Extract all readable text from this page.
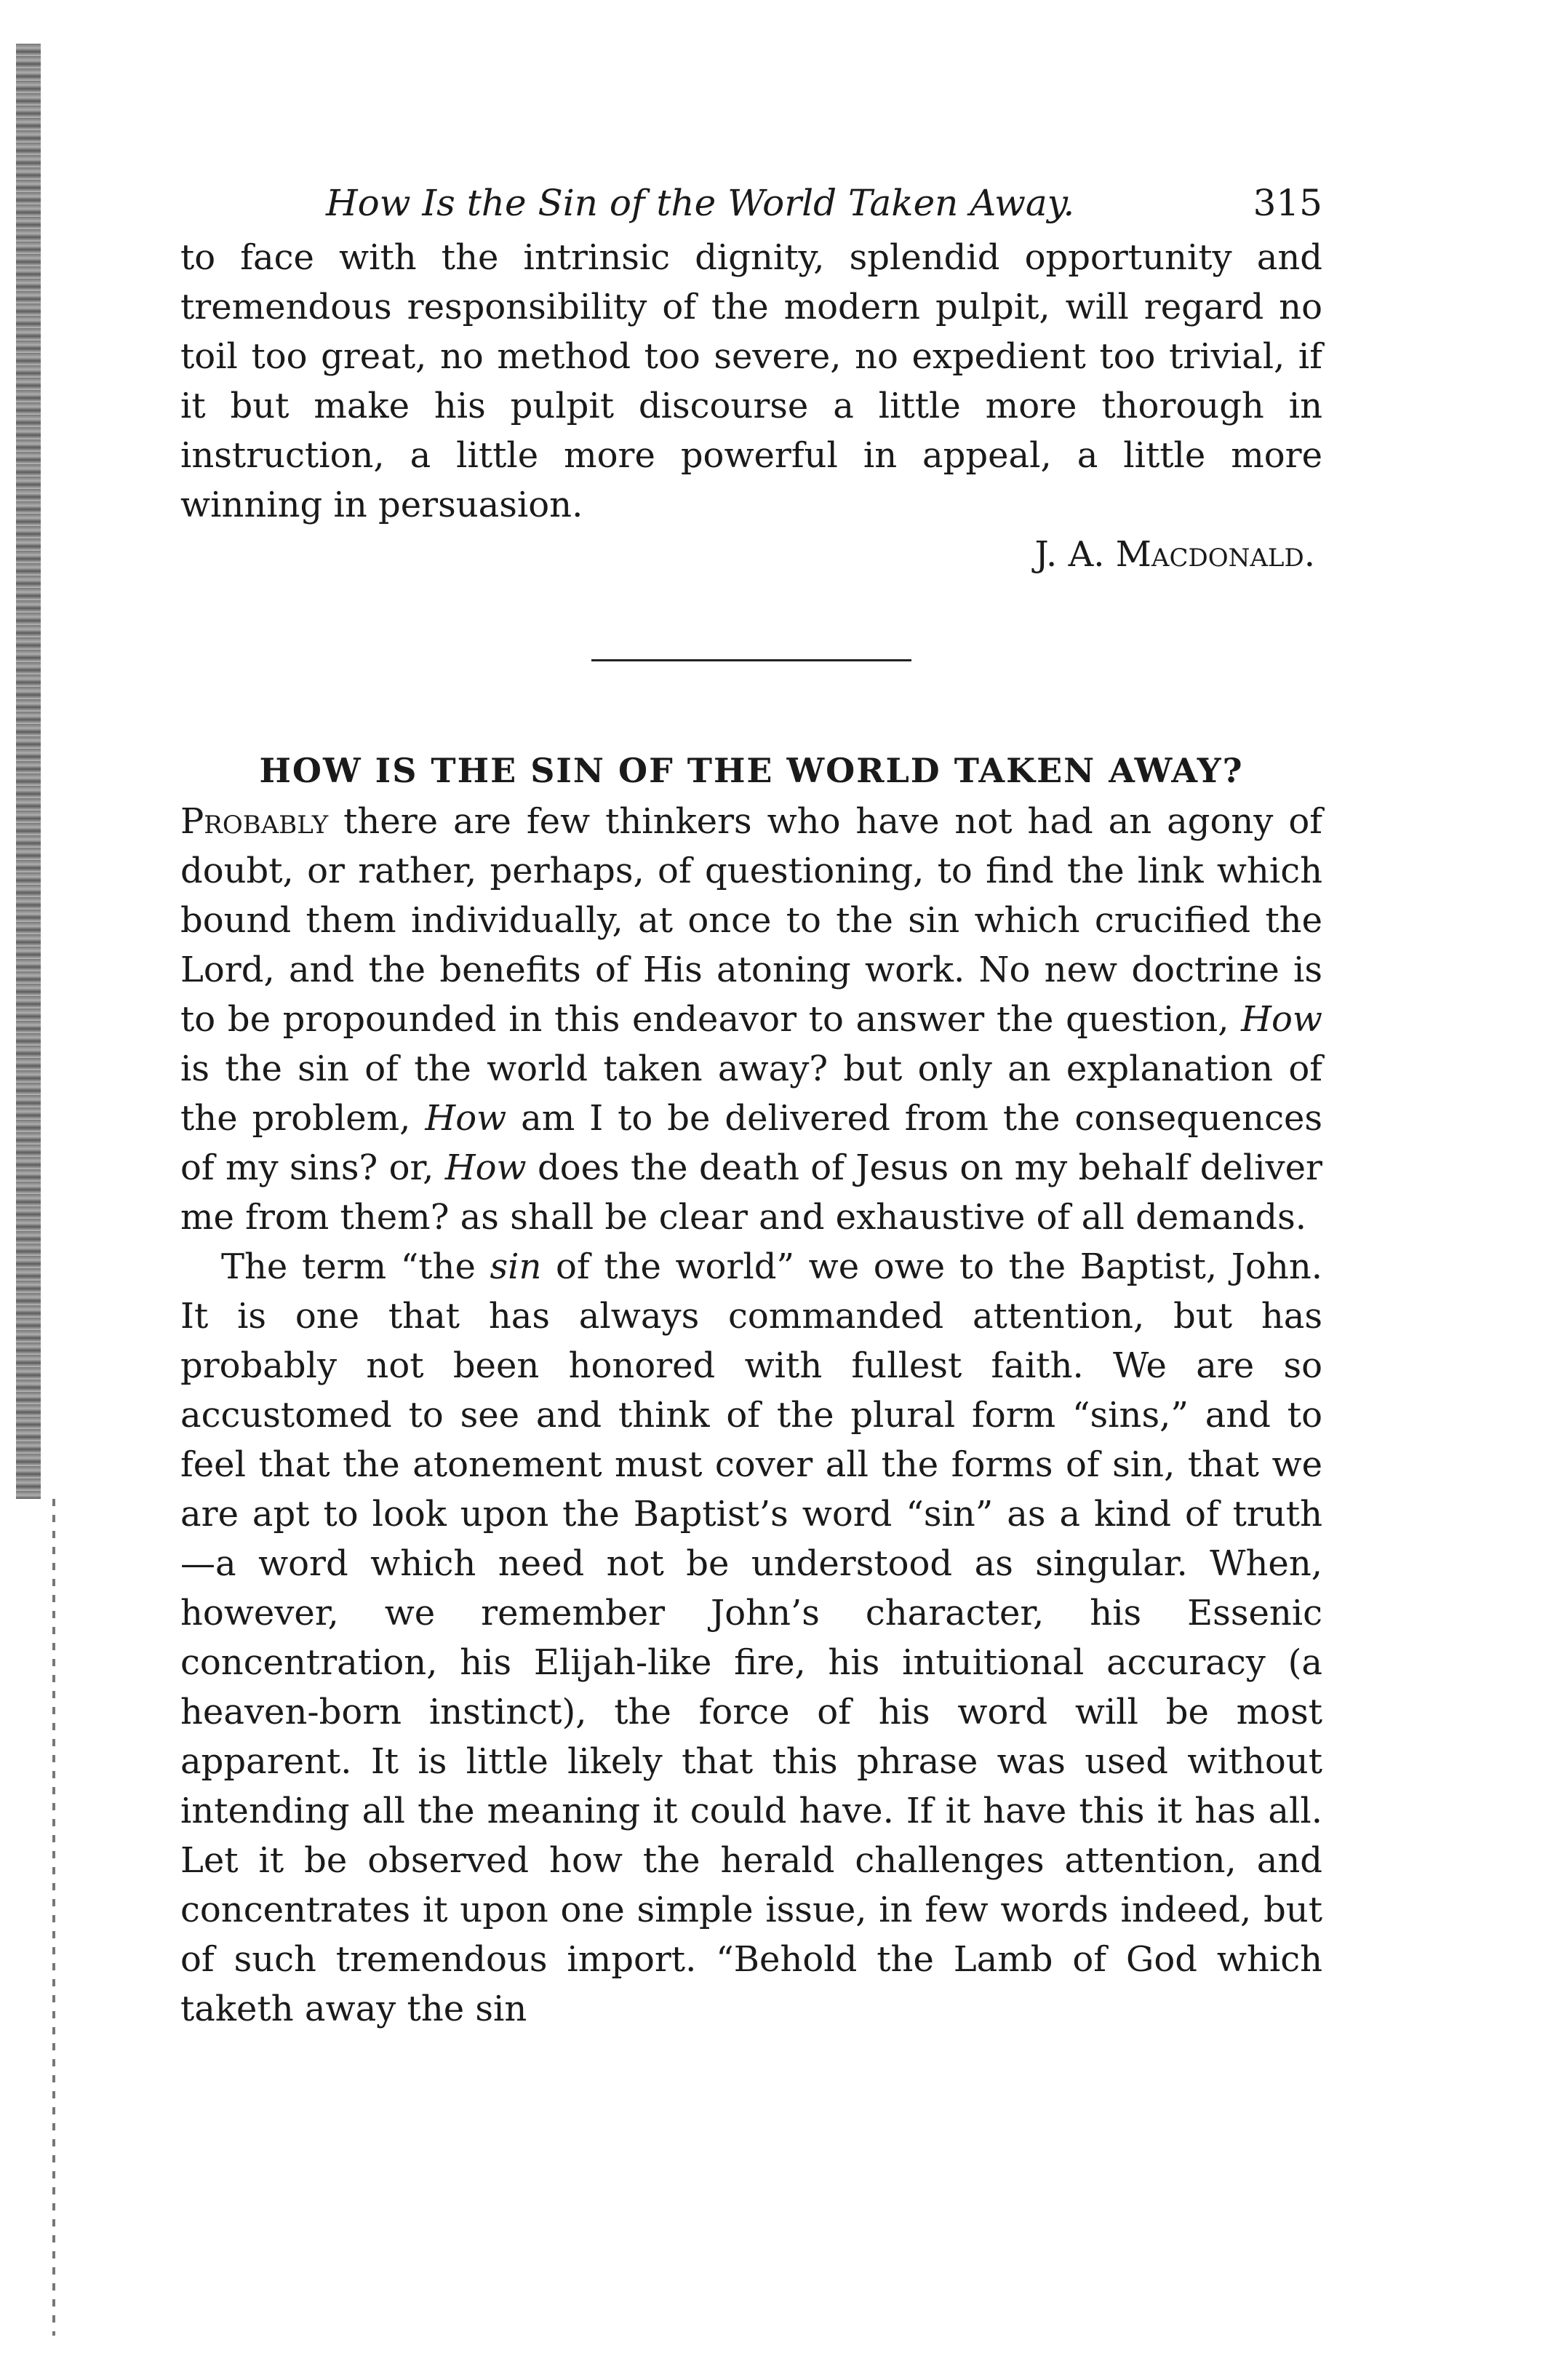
How Is the Sin of the World Taken Away.	315

to face with the intrinsic dignity, splendid opportunity and tremendous responsibility of the modern pulpit, will regard no toil too great, no method too severe, no expedient too trivial, if it but make his pulpit discourse a little more thorough in instruction, a little more powerful in appeal, a little more winning in persuasion.

J. A. Macdonald.

HOW IS THE SIN OF THE WORLD TAKEN AWAY?

Probably there are few thinkers who have not had an agony of doubt, or rather, perhaps, of questioning, to find the link which bound them individually, at once to the sin which crucified the Lord, and the benefits of His atoning work. No new doctrine is to be propounded in this endeavor to answer the question, How is the sin of the world taken away? but only an explanation of the problem, How am I to be delivered from the consequences of my sins? or, How does the death of Jesus on my behalf deliver me from them? as shall be clear and exhaustive of all demands.

The term “the sin of the world” we owe to the Baptist, John. It is one that has always commanded attention, but has probably not been honored with fullest faith. We are so accustomed to see and think of the plural form “sins,” and to feel that the atonement must cover all the forms of sin, that we are apt to look upon the Baptist’s word “sin” as a kind of truth—a word which need not be understood as singular. When, however, we remember John’s character, his Essenic concentration, his Elijah-like fire, his intuitional accuracy (a heaven-born instinct), the force of his word will be most apparent. It is little likely that this phrase was used without intending all the meaning it could have. If it have this it has all. Let it be observed how the herald challenges attention, and concentrates it upon one simple issue, in few words indeed, but of such tremendous import. “Behold the Lamb of God which taketh away the sin
